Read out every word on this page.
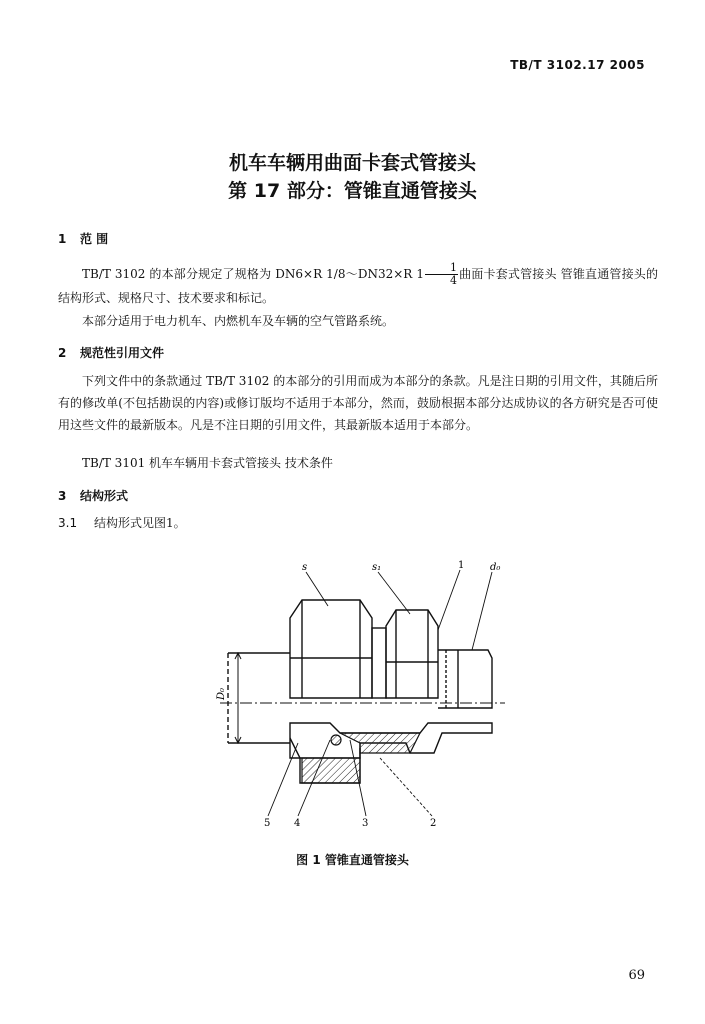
TB/T 3102.17 2005
机车车辆用曲面卡套式管接头
第 17 部分：管锥直通管接头
1 范 围
TB/T 3102 的本部分规定了规格为 DN6×R 1/8～DN32×R $1 \frac{1}{4}$ 曲面卡套式管接头 管锥直通管接头的结构形式、规格尺寸、技术要求和标记。
本部分适用于电力机车、内燃机车及车辆的空气管路系统。
2 规范性引用文件
下列文件中的条款通过 TB/T 3102 的本部分的引用而成为本部分的条款。凡是注日期的引用文件，其随后所有的修改单(不包括勘误的内容)或修订版均不适用于本部分，然而，鼓励根据本部分达成协议的各方研究是否可使用这些文件的最新版本。凡是不注日期的引用文件，其最新版本适用于本部分。
TB/T 3101 机车车辆用卡套式管接头 技术条件
3 结构形式
3.1 结构形式见图1。
s	s₁	1	d₀
D₀
5 4	3	2
图 1 管锥直通管接头
69
